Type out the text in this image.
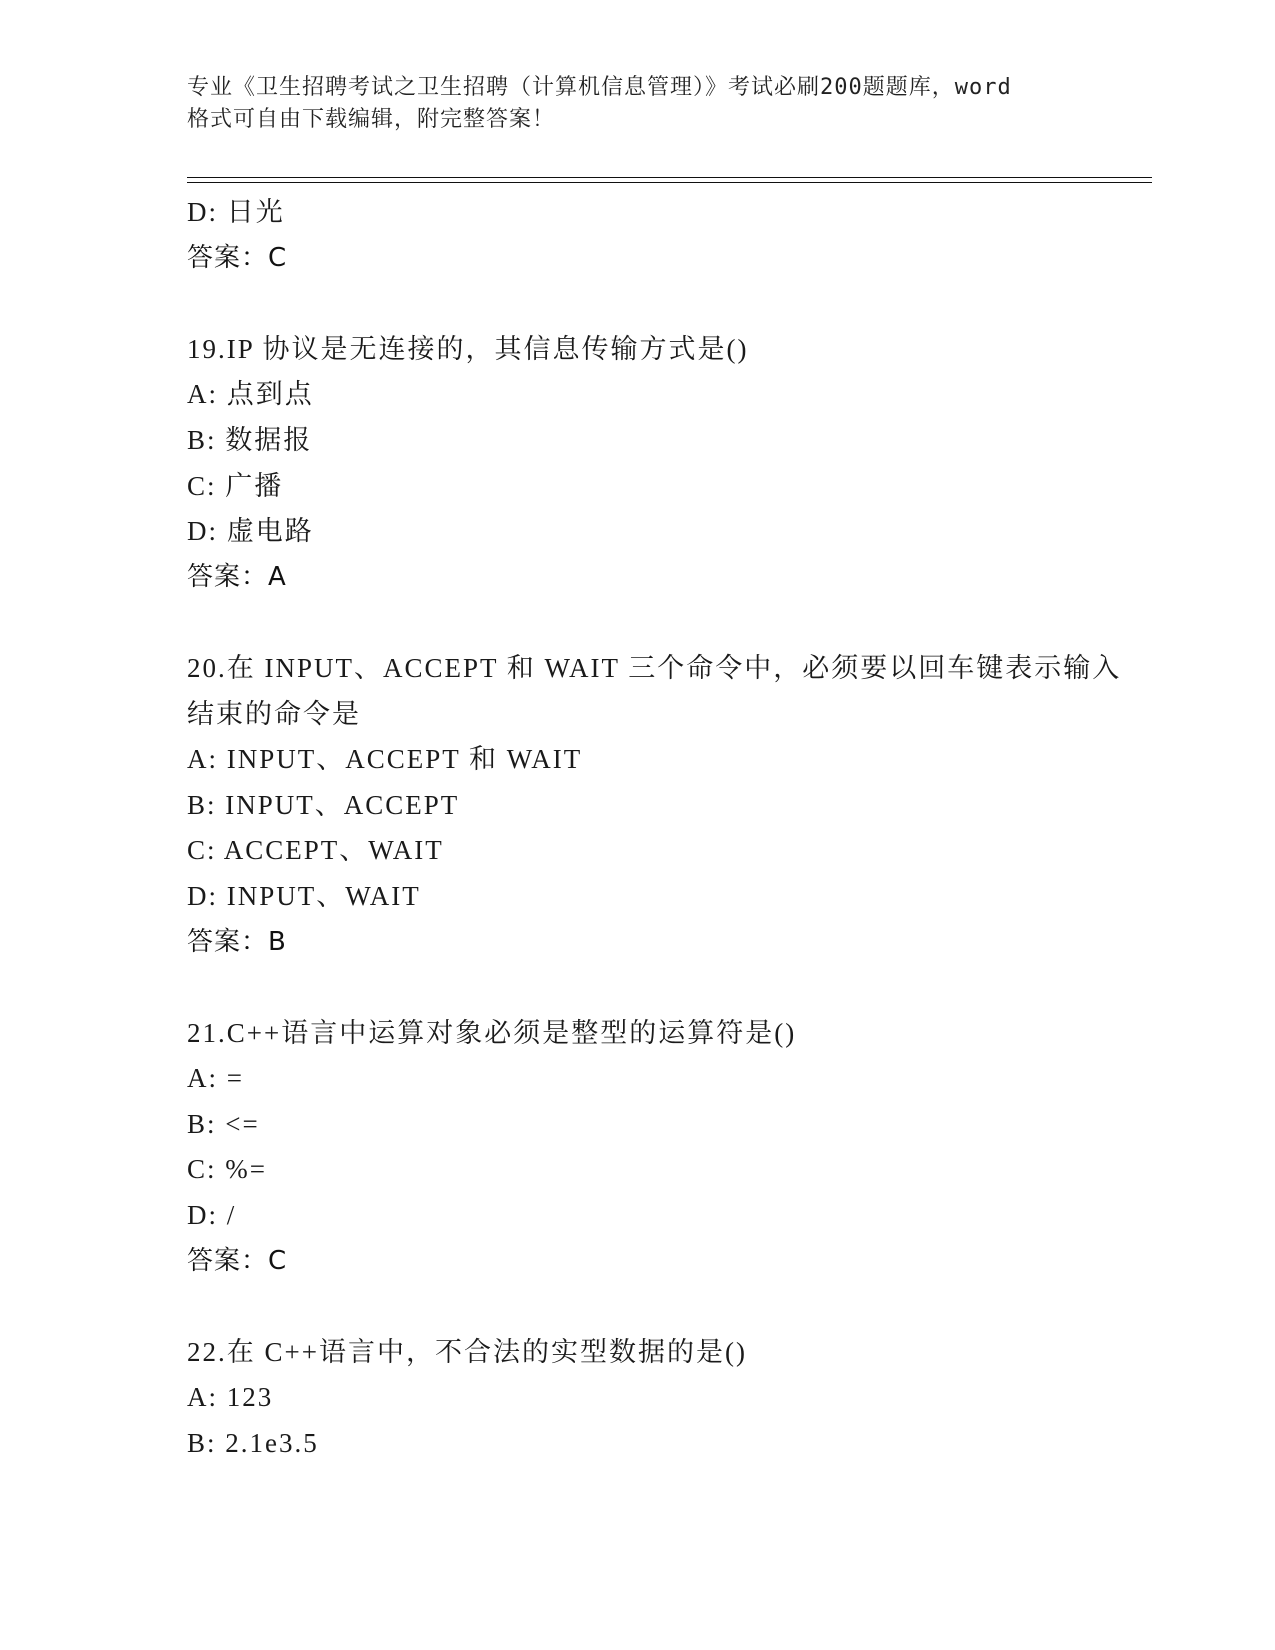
专业《卫生招聘考试之卫生招聘（计算机信息管理）》考试必刷200题题库，word
格式可自由下载编辑，附完整答案！
D: 日光
答案：C
19.IP 协议是无连接的，其信息传输方式是()
A: 点到点
B: 数据报
C: 广播
D: 虚电路
答案：A
20.在 INPUT、ACCEPT 和 WAIT 三个命令中，必须要以回车键表示输入
结束的命令是
A: INPUT、ACCEPT 和 WAIT
B: INPUT、ACCEPT
C: ACCEPT、WAIT
D: INPUT、WAIT
答案：B
21.C++语言中运算对象必须是整型的运算符是()
A: =
B: <=
C: %=
D: /
答案：C
22.在 C++语言中，不合法的实型数据的是()
A: 123
B: 2.1e3.5
